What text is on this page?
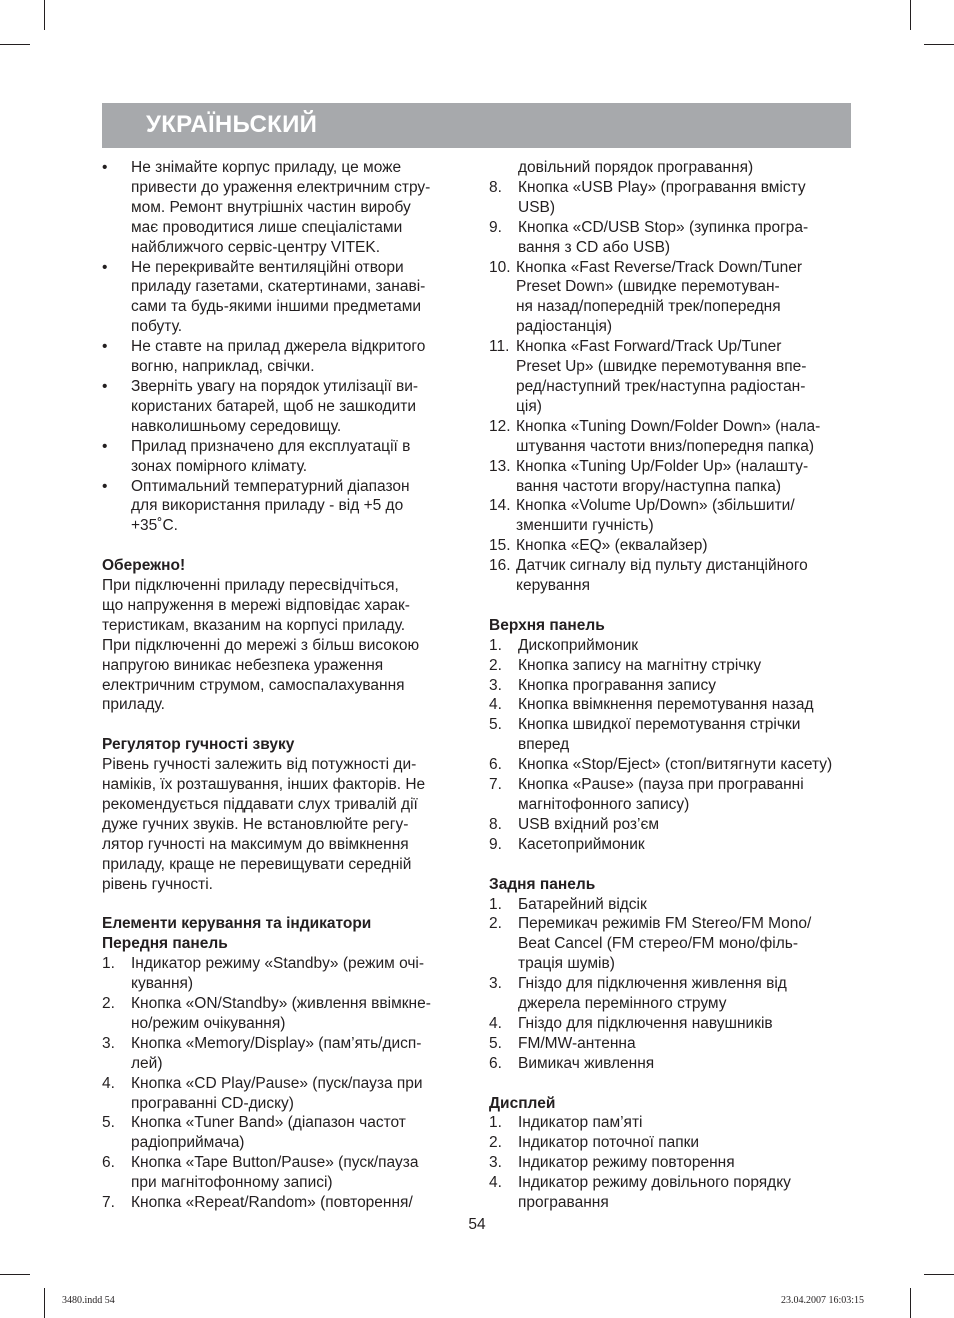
УКРАЇНЬСКИЙ
•	Не знімайте корпус приладу, це може
привести до ураження електричним стру-
мом. Ремонт внутрішніх частин виробу
має проводитися лише спеціалістами
найближчого сервіс-центру VITEK.
•	Не перекривайте вентиляційні отвори
приладу газетами, скатертинами, занаві-
сами та будь-якими іншими предметами
побуту.
•	Не ставте на прилад джерела відкритого
вогню, наприклад, свічки.
•	Зверніть увагу на порядок утилізації ви-
користаних батарей, щоб не зашкодити
навколишньому середовищу.
•	Прилад призначено для експлуатації в
зонах помірного клімату.
•	Оптимальний температурний діапазон
для використання приладу - від +5 до
+35˚С.
Обережно!
При підключенні приладу пересвідчіться,
що напруження в мережі відповідає харак-
теристикам, вказаним на корпусі приладу.
При підключенні до мережі з більш високою
напругою виникає небезпека ураження
електричним струмом, самоспалахування
приладу.
Регулятор гучності звуку
Рівень гучності залежить від потужності ди-
наміків, їх розташування, інших факторів. Не
рекомендується піддавати слух тривалій дії
дуже гучних звуків. Не встановлюйте регу-
лятор гучності на максимум до ввімкнення
приладу, краще не перевищувати середній
рівень гучності.
Елементи керування та індикатори
Передня панель
1.	Індикатор режиму «Standby» (режим очі-
кування)
2.	Кнопка «ON/Standby» (живлення ввімкне-
но/режим очікування)
3.	Кнопка «Memory/Display» (пам’ять/дисп-
лей)
4.	Кнопка «CD Play/Pause» (пуск/пауза при
програванні CD-диску)
5.	Кнопка «Tuner Band» (діапазон частот
радіоприймача)
6.	Кнопка «Tape Button/Pause» (пуск/пауза
при магнітофонному записі)
7.	Кнопка «Repeat/Random» (повторення/
довільний порядок програвання)
8.	Кнопка «USB Play» (програвання вмісту
USB)
9.	Кнопка «CD/USB Stop» (зупинка програ-
вання з CD або USB)
10. Кнопка «Fast Reverse/Track Down/Tuner
Preset Down» (швидке перемотуван-
ня назад/попередній трек/попередня
радіостанція)
11. Кнопка «Fast Forward/Track Up/Tuner
Preset Up» (швидке перемотування впе-
ред/наступний трек/наступна радіостан-
ція)
12. Кнопка «Tuning Down/Folder Down» (нала-
штування частоти вниз/попередня папка)
13. Кнопка «Tuning Up/Folder Up» (налашту-
вання частоти вгору/наступна папка)
14. Кнопка «Volume Up/Down» (збільшити/
зменшити гучність)
15. Кнопка «EQ» (еквалайзер)
16. Датчик сигналу від пульту дистанційного
керування
Верхня панель
1.	Дископриймоник
2.	Кнопка запису на магнітну стрічку
3.	Кнопка програвання запису
4.	Кнопка ввімкнення перемотування назад
5.	Кнопка швидкої перемотування стрічки
вперед
6.	Кнопка «Stop/Eject» (стоп/витягнути касету)
7.	Кнопка «Pause» (пауза при програванні
магнітофонного запису)
8.	USB вхідний роз’єм
9.	Касетоприймоник
Задня панель
1.	Батарейний відсік
2.	Перемикач режимів FM Stereo/FM Mono/
Beat Cancel (FM стерео/FM моно/філь-
трація шумів)
3.	Гніздо для підключення живлення від
джерела перемінного струму
4.	Гніздо для підключення навушників
5.	FM/MW-антенна
6.	Вимикач живлення
Дисплей
1.	Індикатор пам’яті
2.	Індикатор поточної папки
3.	Індикатор режиму повторення
4.	Індикатор режиму довільного порядку
програвання
54
3480.indd 54	23.04.2007 16:03:15
